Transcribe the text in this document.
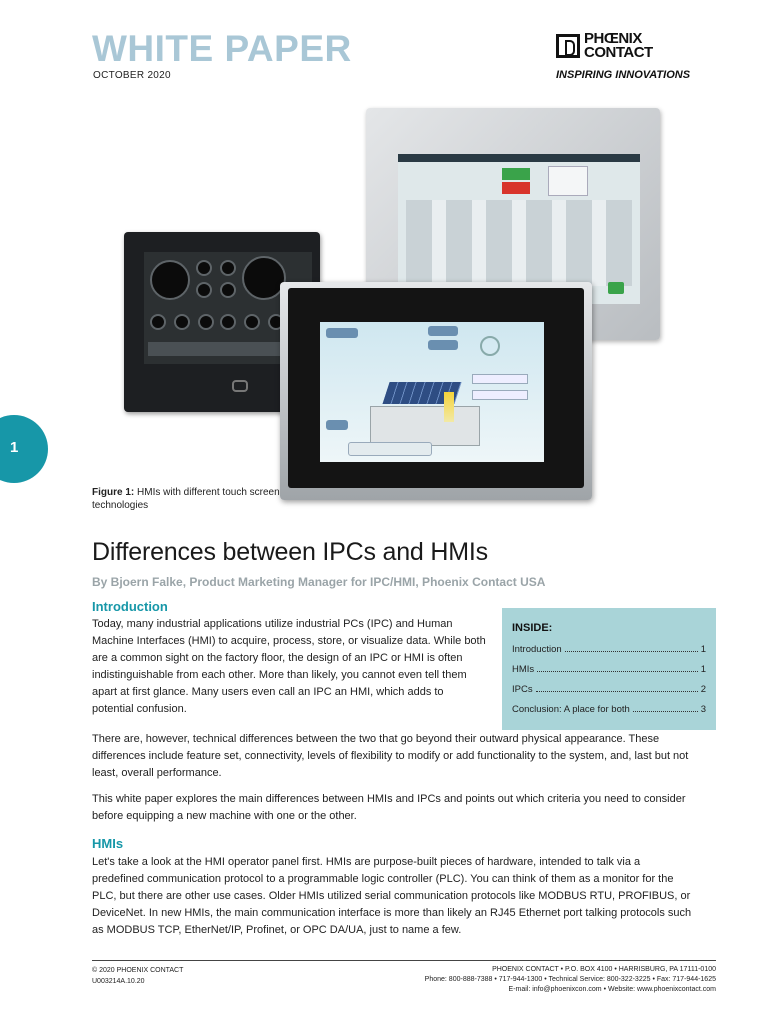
WHITE PAPER
OCTOBER 2020
PHŒNIX
CONTACT
INSPIRING INNOVATIONS
1
Figure 1: HMIs with different touch screen technologies
Differences between IPCs and HMIs
By Bjoern Falke, Product Marketing Manager for IPC/HMI, Phoenix Contact USA
Introduction

Today, many industrial applications utilize industrial PCs (IPC) and Human Machine Interfaces (HMI) to acquire, process, store, or visualize data. While both are a common sight on the factory floor, the design of an IPC or HMI is often indistinguishable from each other. More than likely, you cannot even tell them apart at first glance. Many users even call an IPC an HMI, which adds to potential confusion.

INSIDE:
Introduction	1
HMIs	1
IPCs	2
Conclusion: A place for both	3

There are, however, technical differences between the two that go beyond their outward physical appearance. These differences include feature set, connectivity, levels of flexibility to modify or add functionality to the system, and, last but not least, overall performance.

This white paper explores the main differences between HMIs and IPCs and points out which criteria you need to consider before equipping a new machine with one or the other.

HMIs

Let's take a look at the HMI operator panel first. HMIs are purpose-built pieces of hardware, intended to talk via a predefined communication protocol to a programmable logic controller (PLC). You can think of them as a monitor for the PLC, but there are other use cases. Older HMIs utilized serial communication protocols like MODBUS RTU, PROFIBUS, or DeviceNet. In new HMIs, the main communication interface is more than likely an RJ45 Ethernet port talking protocols such as MODBUS TCP, EtherNet/IP, Profinet, or OPC DA/UA, just to name a few.

© 2020 PHOENIX CONTACT
U003214A.10.20
PHOENIX CONTACT • P.O. BOX 4100 • HARRISBURG, PA 17111-0100
Phone: 800-888-7388 • 717-944-1300 • Technical Service: 800-322-3225 • Fax: 717-944-1625
E-mail: info@phoenixcon.com • Website: www.phoenixcontact.com
